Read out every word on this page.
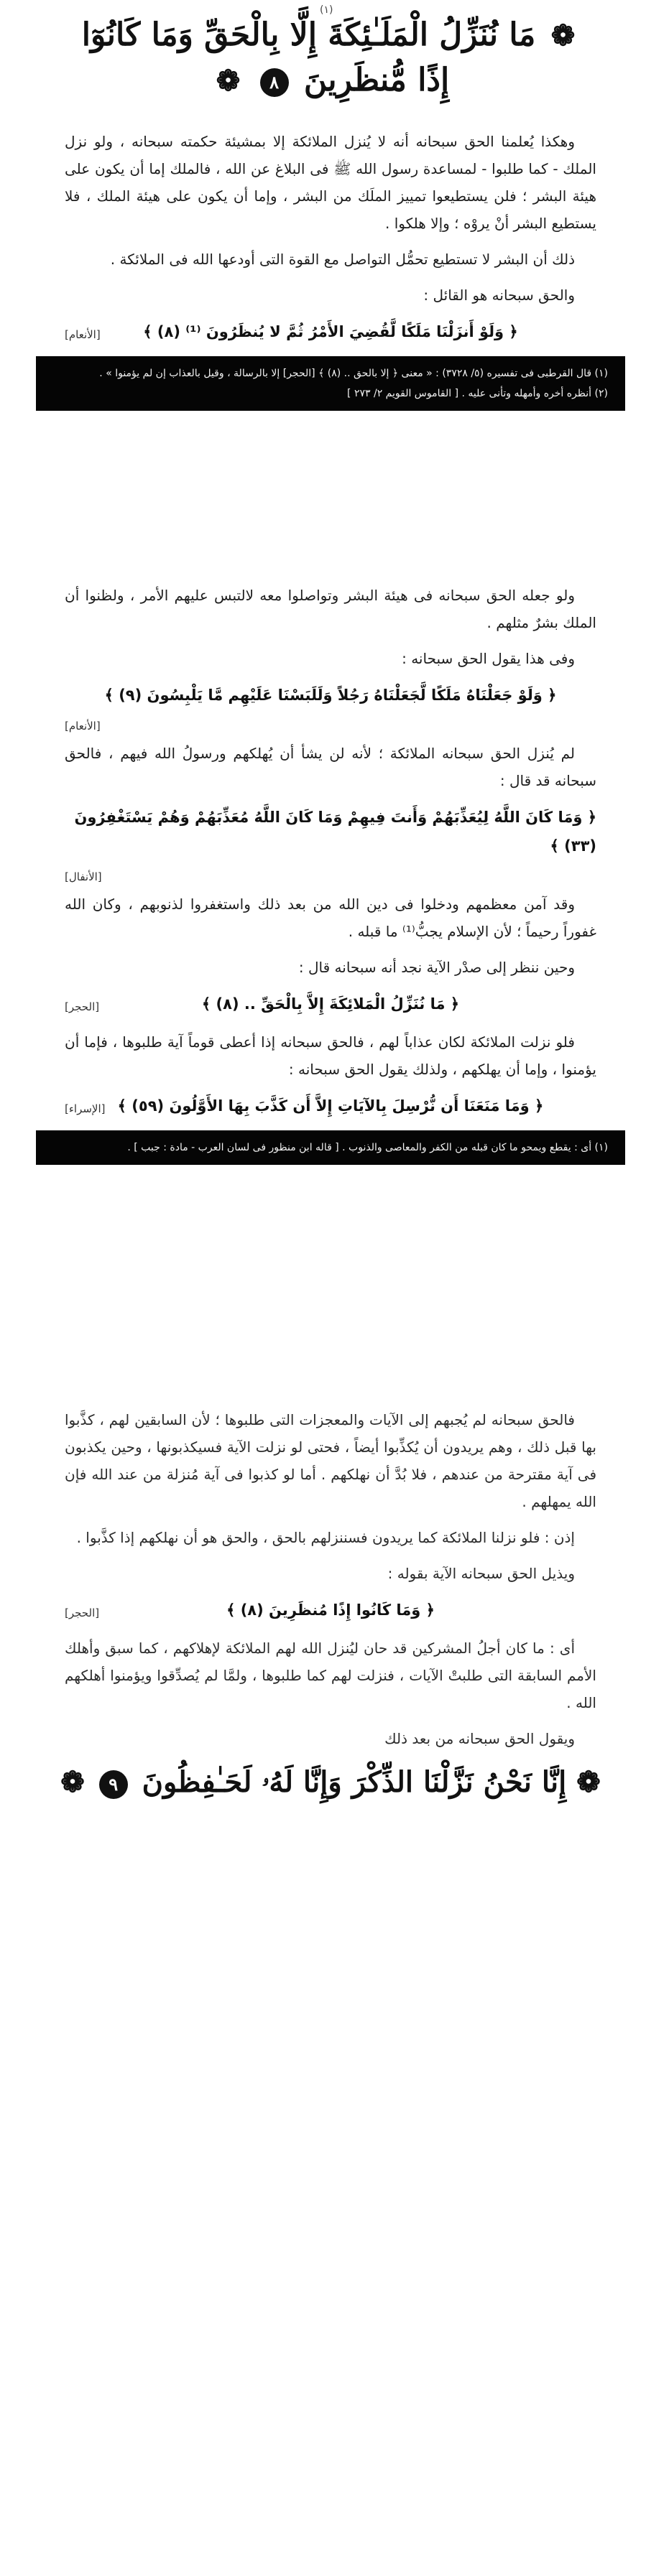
(١)
❁ مَا نُنَزِّلُ الْمَلَـٰئِكَةَ إِلَّا بِالْحَقِّ وَمَا كَانُوٓا
إِذًا مُّنظَرِينَ ٨ ❁

وهكذا يُعلمنا الحق سبحانه أنه لا يُنزل الملائكة إلا بمشيئة حكمته سبحانه ، ولو نزل الملك - كما طلبوا - لمساعدة رسول الله ﷺ فى البلاغ عن الله ، فالملك إما أن يكون على هيئة البشر ؛ فلن يستطيعوا تمييز الملَك من البشر ، وإما أن يكون على هيئة الملك ، فلا يستطيع البشر أنْ يروْه ؛ وإلا هلكوا .

ذلك أن البشر لا تستطيع تحمُّل التواصل مع القوة التى أودعها الله فى الملائكة .

والحق سبحانه هو القائل :

﴿ وَلَوْ أَنزَلْنَا مَلَكًا لَّقُضِيَ الأَمْرُ ثُمَّ لا يُنظَرُونَ ⁽¹⁾ (٨) ﴾
[الأنعام]
(١) قال القرطبى فى تفسيره (٥/ ٣٧٢٨) : « معنى ﴿ إلا بالحق .. (٨) ﴾ [الحجر] إلا بالرسالة ، وقيل بالعذاب إن لم يؤمنوا » .
(٢) أنظره أخره وأمهله وتأنى عليه . [ القاموس القويم ٢/ ٢٧٣ ]

ولو جعله الحق سبحانه فى هيئة البشر وتواصلوا معه لالتبس عليهم الأمر ، ولظنوا أن الملك بشرٌ مثلهم .

وفى هذا يقول الحق سبحانه :

﴿ وَلَوْ جَعَلْنَاهُ مَلَكًا لَّجَعَلْنَاهُ رَجُلاً وَلَلَبَسْنَا عَلَيْهِم مَّا يَلْبِسُونَ (٩) ﴾
[الأنعام]

لم يُنزل الحق سبحانه الملائكة ؛ لأنه لن يشأ أن يُهلكهم ورسولُ الله فيهم ، فالحق سبحانه قد قال :

﴿ وَمَا كَانَ اللَّهُ لِيُعَذِّبَهُمْ وَأَنتَ فِيهِمْ وَمَا كَانَ اللَّهُ مُعَذِّبَهُمْ وَهُمْ يَسْتَغْفِرُونَ (٣٣) ﴾
[الأنفال]

وقد آمن معظمهم ودخلوا فى دين الله من بعد ذلك واستغفروا لذنوبهم ، وكان الله غفوراً رحيماً ؛ لأن الإسلام يجبُّ⁽¹⁾ ما قبله .

وحين ننظر إلى صدْر الآية نجد أنه سبحانه قال :

﴿ مَا نُنَزِّلُ الْمَلائِكَةَ إِلاَّ بِالْحَقِّ .. (٨) ﴾
[الحجر]

فلو نزلت الملائكة لكان عذاباً لهم ، فالحق سبحانه إذا أعطى قوماً آية طلبوها ، فإما أن يؤمنوا ، وإما أن يهلكهم ، ولذلك يقول الحق سبحانه :

﴿ وَمَا مَنَعَنَا أَن نُّرْسِلَ بِالآيَاتِ إِلاَّ أَن كَذَّبَ بِهَا الأَوَّلُونَ (٥٩) ﴾
[الإسراء]
(١) أى : يقطع ويمحو ما كان قبله من الكفر والمعاصى والذنوب . [ قاله ابن منظور فى لسان العرب - مادة : جبب ] .

فالحق سبحانه لم يُجبهم إلى الآيات والمعجزات التى طلبوها ؛ لأن السابقين لهم ، كذَّبوا بها قبل ذلك ، وهم يريدون أن يُكذِّبوا أيضاً ، فحتى لو نزلت الآية فسيكذبونها ، وحين يكذبون فى آية مقترحة من عندهم ، فلا بُدَّ أن نهلكهم . أما لو كذبوا فى آية مُنزلة من عند الله فإن الله يمهلهم .

إذن : فلو نزلنا الملائكة كما يريدون فسننزلهم بالحق ، والحق هو أن نهلكهم إذا كذَّبوا .

ويذيل الحق سبحانه الآية بقوله :

﴿ وَمَا كَانُوا إِذًا مُنظَرِينَ (٨) ﴾
[الحجر]

أى : ما كان أجلُ المشركين قد حان ليُنزل الله لهم الملائكة لإهلاكهم ، كما سبق وأهلك الأمم السابقة التى طلبتْ الآيات ، فنزلت لهم كما طلبوها ، ولمَّا لم يُصدِّقوا ويؤمنوا أهلكهم الله .

ويقول الحق سبحانه من بعد ذلك

❁ إِنَّا نَحْنُ نَزَّلْنَا الذِّكْرَ وَإِنَّا لَهُۥ لَحَـٰفِظُونَ ٩ ❁
